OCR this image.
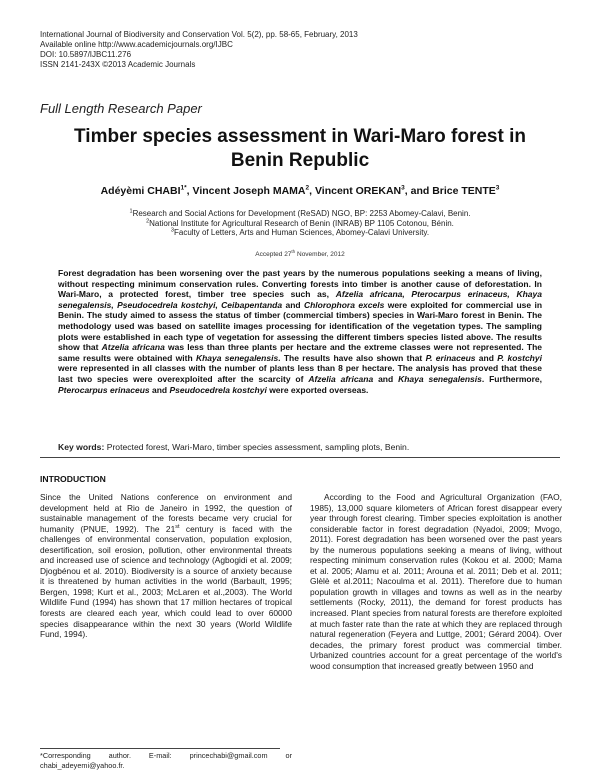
International Journal of Biodiversity and Conservation Vol. 5(2), pp. 58-65, February, 2013
Available online http://www.academicjournals.org/IJBC
DOI: 10.5897/IJBC11.276
ISSN 2141-243X ©2013 Academic Journals
Full Length Research Paper
Timber species assessment in Wari-Maro forest in
Benin Republic
Adéyèmi $CHABI^{1*}$, Vincent Joseph MAMA$^2$, Vincent OREKAN$^3$, and Brice TENTE$^3$
$^1$Research and Social Actions for Development (ReSAD) NGO, BP: 2253 Abomey-Calavi, Benin.
$^2$National Institute for Agricultural Research of Benin (INRAB) BP 1105 Cotonou, Bénin.
$^3$Faculty of Letters, Arts and Human Sciences, Abomey-Calavi University.
Accepted 27th November, 2012
Forest degradation has been worsening over the past years by the numerous populations seeking a means of living, without respecting minimum conservation rules. Converting forests into timber is another cause of deforestation. In Wari-Maro, a protected forest, timber tree species such as, Afzelia africana, Pterocarpus erinaceus, Khaya senegalensis, Pseudocedrela kostchyi, Ceibapentanda and Chlorophora excels were exploited for commercial use in Benin. The study aimed to assess the status of timber (commercial timbers) species in Wari-Maro forest in Benin. The methodology used was based on satellite images processing for identification of the vegetation types. The sampling plots were established in each type of vegetation for assessing the different timbers species listed above. The results show that Atzelia africana was less than three plants per hectare and the extreme classes were not represented. The same results were obtained with Khaya senegalensis. The results have also shown that P. erinaceus and P. kostchyi were represented in all classes with the number of plants less than 8 per hectare. The analysis has proved that these last two species were overexploited after the scarcity of Afzelia africana and Khaya senegalensis. Furthermore, Pterocarpus erinaceus and Pseudocedrela kostchyi were exported overseas.
Key words: Protected forest, Wari-Maro, timber species assessment, sampling plots, Benin.
INTRODUCTION

Since the United Nations conference on environment and development held at Rio de Janeiro in 1992, the question of sustainable management of the forests became very crucial for humanity (PNUE, 1992). The 21st century is faced with the challenges of environmental conservation, population explosion, desertification, soil erosion, pollution, other environmental threats and increased use of science and technology (Agbogidi et al. 2009; Djogbénou et al. 2010). Biodiversity is a source of anxiety because it is threatened by human activities in the world (Barbault, 1995; Bergen, 1998; Kurt et al., 2003; McLaren et al.,2003). The World Wildlife Fund (1994) has shown that 17 million hectares of tropical forests are cleared each year, which could lead to over 60000 species disappearance within the next 30 years (World Wildlife Fund, 1994).

According to the Food and Agricultural Organization (FAO, 1985), 13,000 square kilometers of African forest disappear every year through forest clearing. Timber species exploitation is another considerable factor in forest degradation (Nyadoi, 2009; Mvogo, 2011). Forest degradation has been worsened over the past years by the numerous populations seeking a means of living, without respecting minimum conservation rules (Kokou et al. 2000; Mama et al. 2005; Alamu et al. 2011; Arouna et al. 2011; Deb et al. 2011; Glèlè et al.2011; Nacoulma et al. 2011). Therefore due to human population growth in villages and towns as well as in the nearby settlements (Rocky, 2011), the demand for forest products has increased. Plant species from natural forests are therefore exploited at much faster rate than the rate at which they are replaced through natural regeneration (Feyera and Luttge, 2001; Gérard 2004). Over decades, the primary forest product was commercial timber. Urbanized countries account for a great percentage of the world's wood consumption that increased greatly between 1950 and

*Corresponding author. E-mail: princechabi@gmail.com or chabi_adeyemi@yahoo.fr.
